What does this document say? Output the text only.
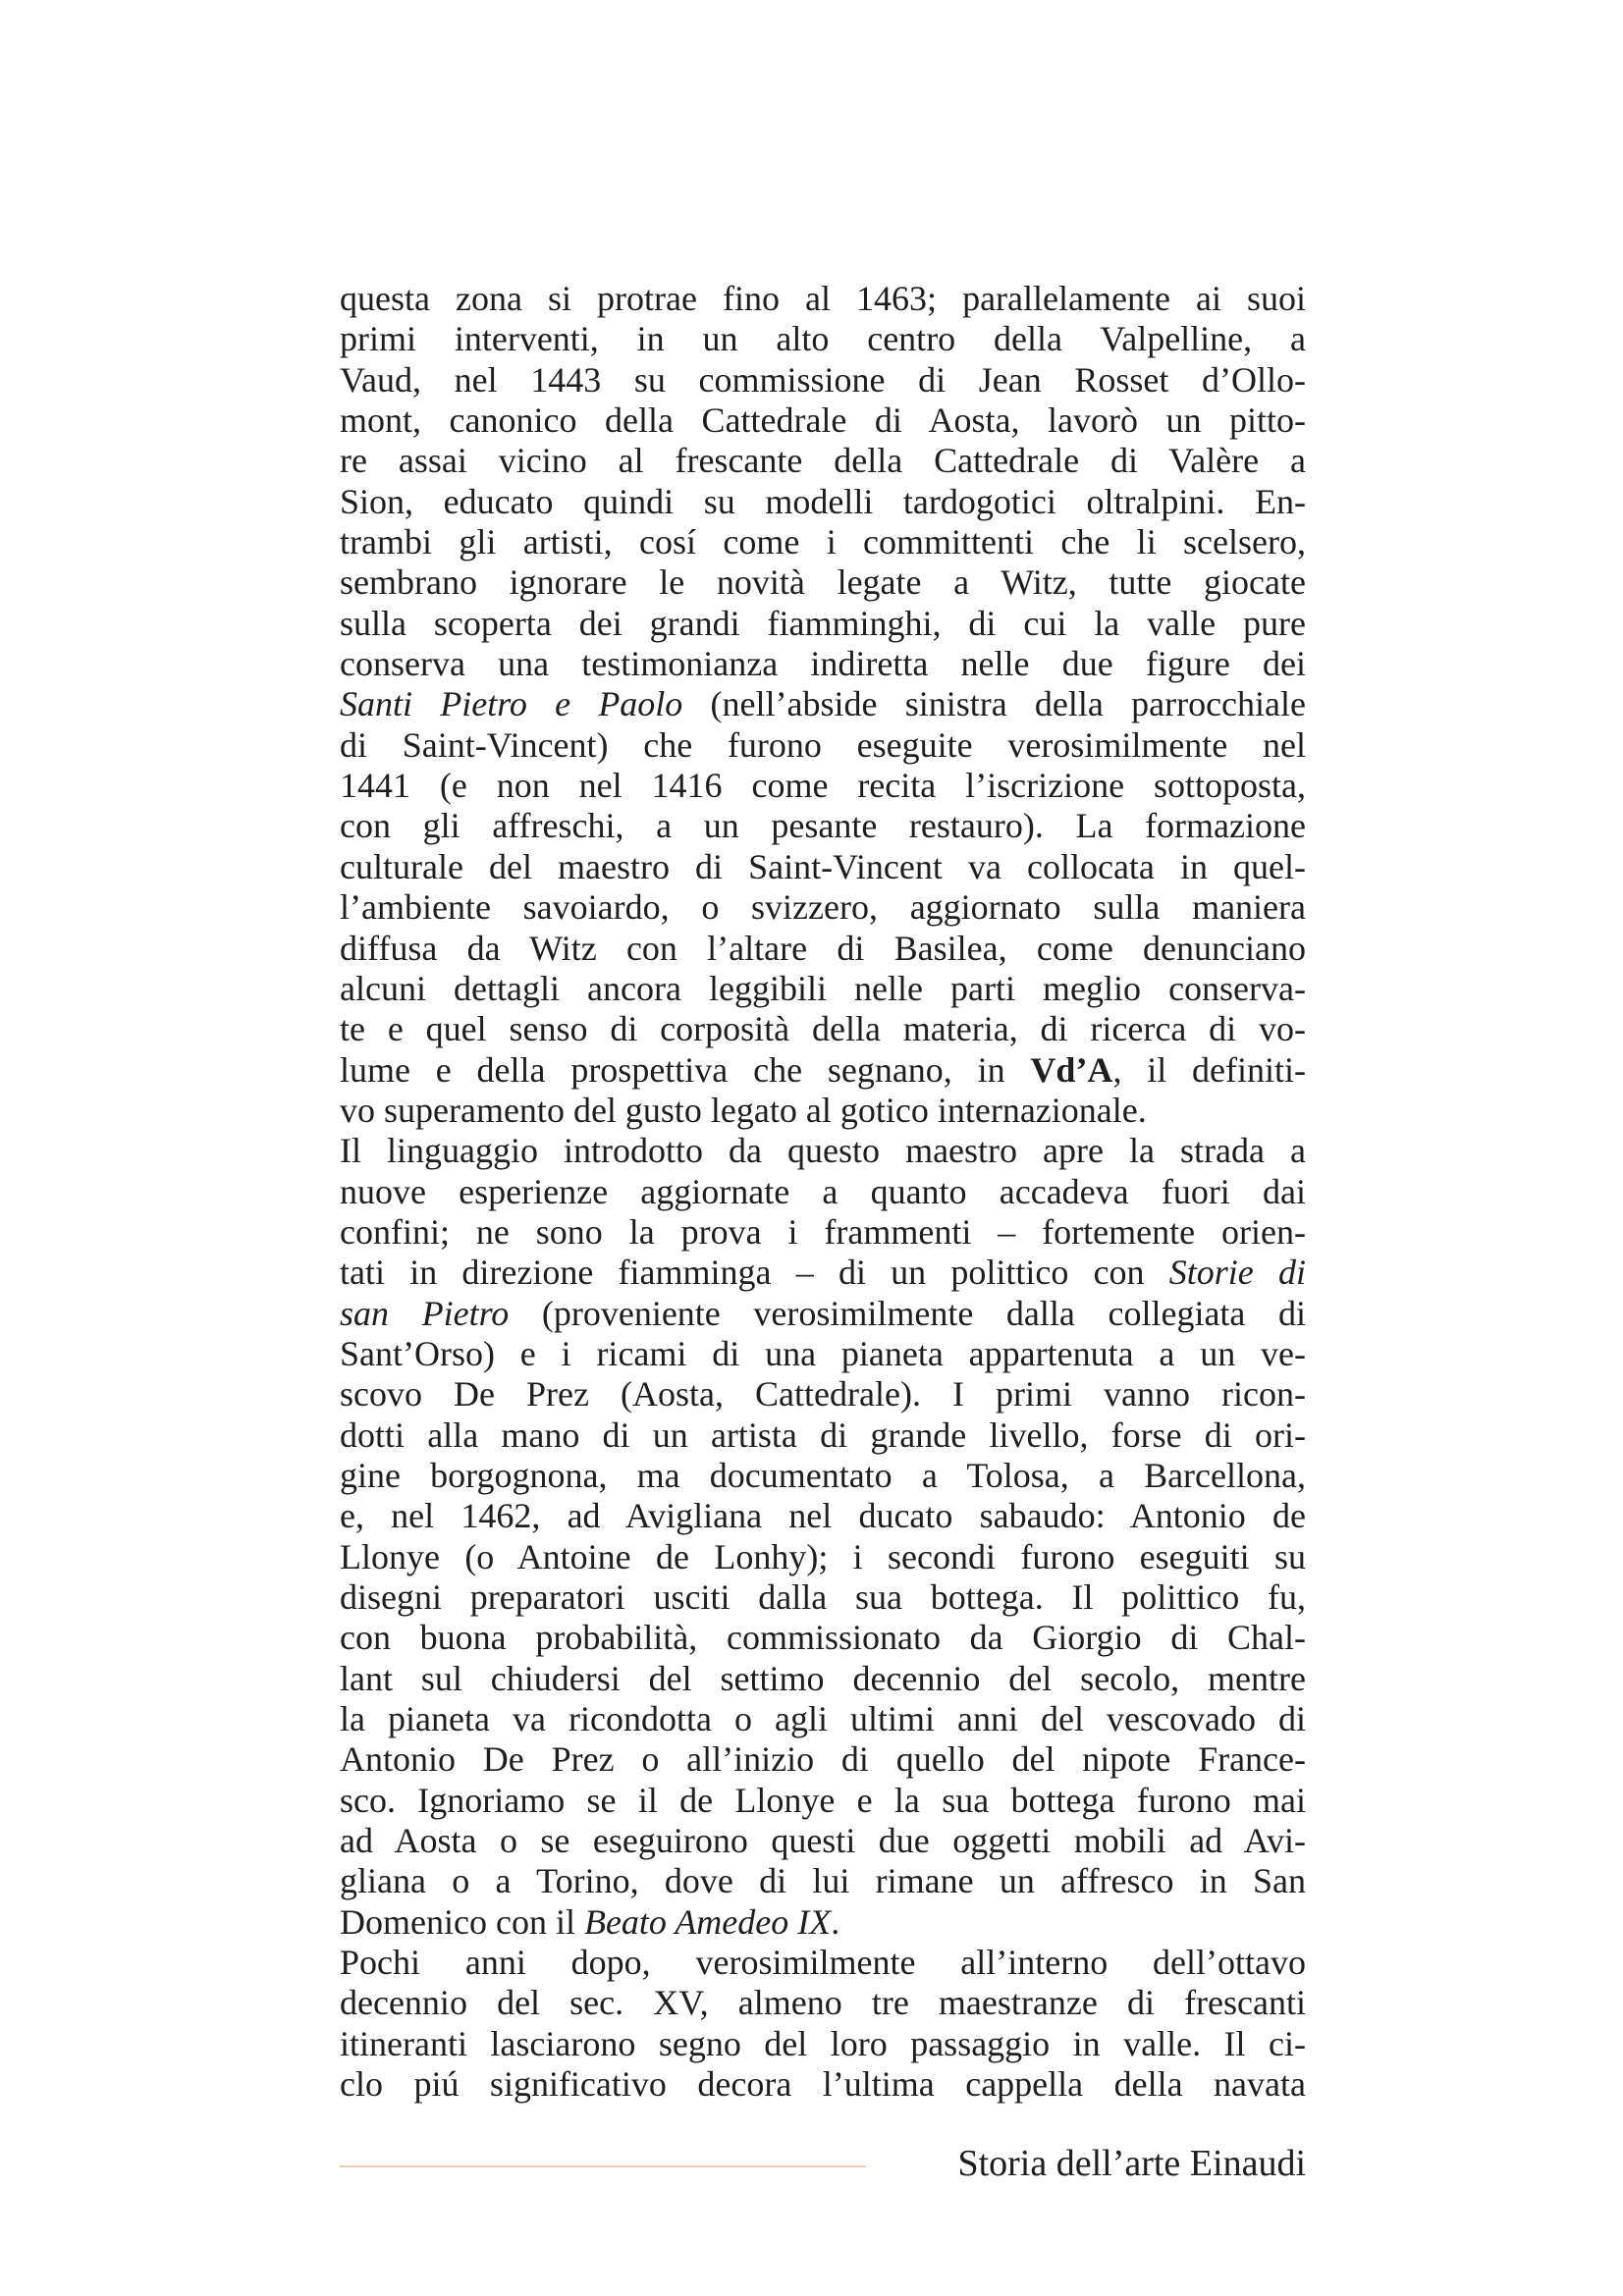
questa zona si protrae fino al 1463; parallelamente ai suoi
primi interventi, in un alto centro della Valpelline, a
Vaud, nel 1443 su commissione di Jean Rosset d’Ollo-
mont, canonico della Cattedrale di Aosta, lavorò un pitto-
re assai vicino al frescante della Cattedrale di Valère a
Sion, educato quindi su modelli tardogotici oltralpini. En-
trambi gli artisti, cosí come i committenti che li scelsero,
sembrano ignorare le novità legate a Witz, tutte giocate
sulla scoperta dei grandi fiamminghi, di cui la valle pure
conserva una testimonianza indiretta nelle due figure dei
Santi Pietro e Paolo (nell’abside sinistra della parrocchiale
di Saint-Vincent) che furono eseguite verosimilmente nel
1441 (e non nel 1416 come recita l’iscrizione sottoposta,
con gli affreschi, a un pesante restauro). La formazione
culturale del maestro di Saint-Vincent va collocata in quel-
l’ambiente savoiardo, o svizzero, aggiornato sulla maniera
diffusa da Witz con l’altare di Basilea, come denunciano
alcuni dettagli ancora leggibili nelle parti meglio conserva-
te e quel senso di corposità della materia, di ricerca di vo-
lume e della prospettiva che segnano, in Vd’A, il definiti-
vo superamento del gusto legato al gotico internazionale.
Il linguaggio introdotto da questo maestro apre la strada a
nuove esperienze aggiornate a quanto accadeva fuori dai
confini; ne sono la prova i frammenti – fortemente orien-
tati in direzione fiamminga – di un polittico con Storie di
san Pietro (proveniente verosimilmente dalla collegiata di
Sant’Orso) e i ricami di una pianeta appartenuta a un ve-
scovo De Prez (Aosta, Cattedrale). I primi vanno ricon-
dotti alla mano di un artista di grande livello, forse di ori-
gine borgognona, ma documentato a Tolosa, a Barcellona,
e, nel 1462, ad Avigliana nel ducato sabaudo: Antonio de
Llonye (o Antoine de Lonhy); i secondi furono eseguiti su
disegni preparatori usciti dalla sua bottega. Il polittico fu,
con buona probabilità, commissionato da Giorgio di Chal-
lant sul chiudersi del settimo decennio del secolo, mentre
la pianeta va ricondotta o agli ultimi anni del vescovado di
Antonio De Prez o all’inizio di quello del nipote France-
sco. Ignoriamo se il de Llonye e la sua bottega furono mai
ad Aosta o se eseguirono questi due oggetti mobili ad Avi-
gliana o a Torino, dove di lui rimane un affresco in San
Domenico con il Beato Amedeo IX.
Pochi anni dopo, verosimilmente all’interno dell’ottavo
decennio del sec. XV, almeno tre maestranze di frescanti
itineranti lasciarono segno del loro passaggio in valle. Il ci-
clo piú significativo decora l’ultima cappella della navata
Storia dell’arte Einaudi
